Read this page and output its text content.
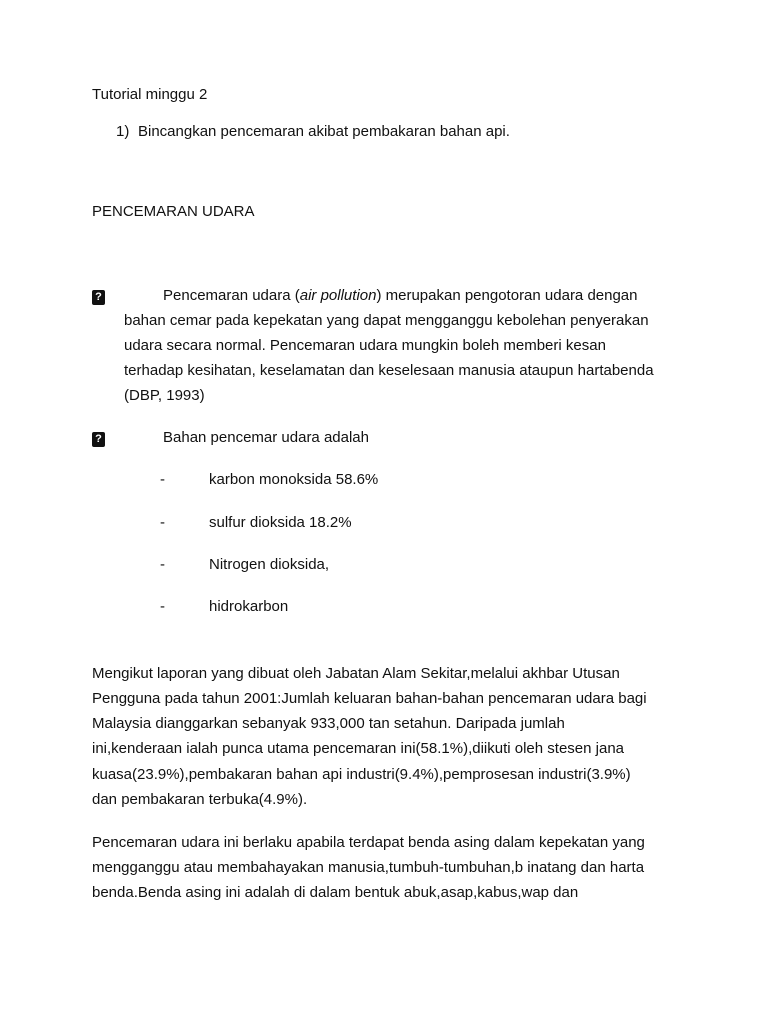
Tutorial minggu 2
1) Bincangkan pencemaran akibat pembakaran bahan api.
PENCEMARAN UDARA
?	Pencemaran udara (air pollution) merupakan pengotoran udara dengan
bahan cemar pada kepekatan yang dapat mengganggu kebolehan penyerakan
udara secara normal. Pencemaran udara mungkin boleh memberi kesan
terhadap kesihatan, keselamatan dan keselesaan manusia ataupun hartabenda
(DBP, 1993)
?	Bahan pencemar udara adalah
-	karbon monoksida 58.6%
-	sulfur dioksida 18.2%
-	Nitrogen dioksida,
-	hidrokarbon
Mengikut laporan yang dibuat oleh Jabatan Alam Sekitar,melalui akhbar Utusan
Pengguna pada tahun 2001:Jumlah keluaran bahan-bahan pencemaran udara bagi
Malaysia dianggarkan sebanyak 933,000 tan setahun. Daripada jumlah
ini,kenderaan ialah punca utama pencemaran ini(58.1%),diikuti oleh stesen jana
kuasa(23.9%),pembakaran bahan api industri(9.4%),pemprosesan industri(3.9%)
dan pembakaran terbuka(4.9%).
Pencemaran udara ini berlaku apabila terdapat benda asing dalam kepekatan yang
mengganggu atau membahayakan manusia,tumbuh-tumbuhan,b inatang dan harta
benda.Benda asing ini adalah di dalam bentuk abuk,asap,kabus,wap dan
